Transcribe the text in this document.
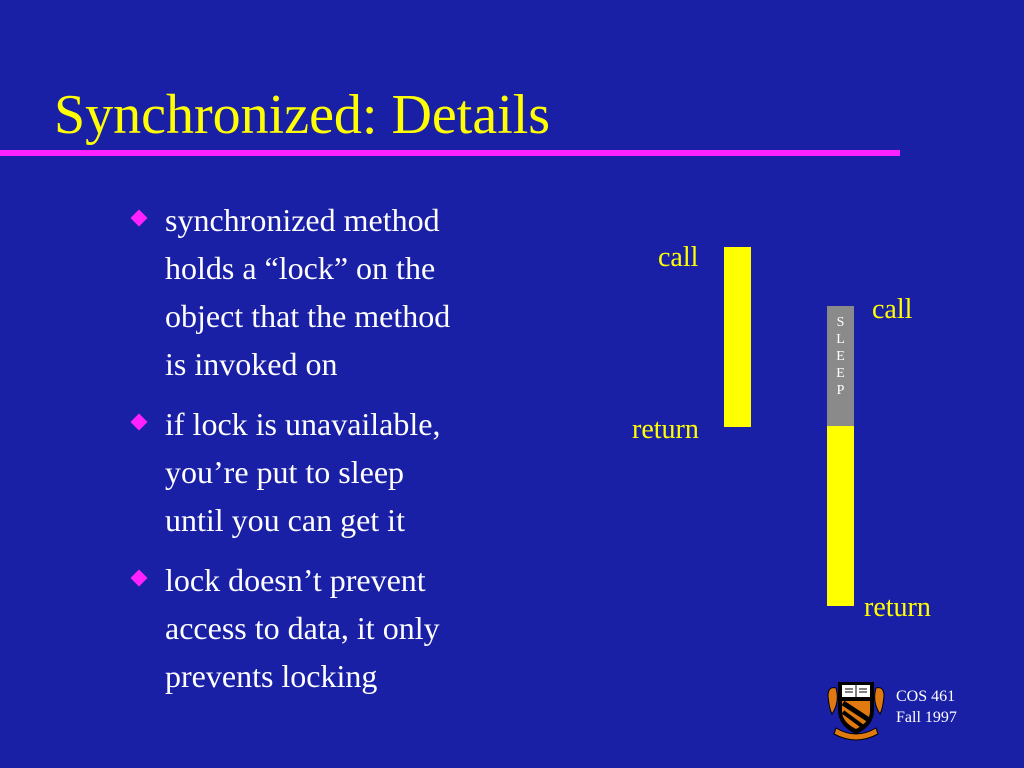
Synchronized: Details
synchronized method
holds a “lock” on the
object that the method
is invoked on
if lock is unavailable,
you’re put to sleep
until you can get it
lock doesn’t prevent
access to data, it only
prevents locking
call
return
call
S
L
E
E
P
return
COS 461
Fall 1997
